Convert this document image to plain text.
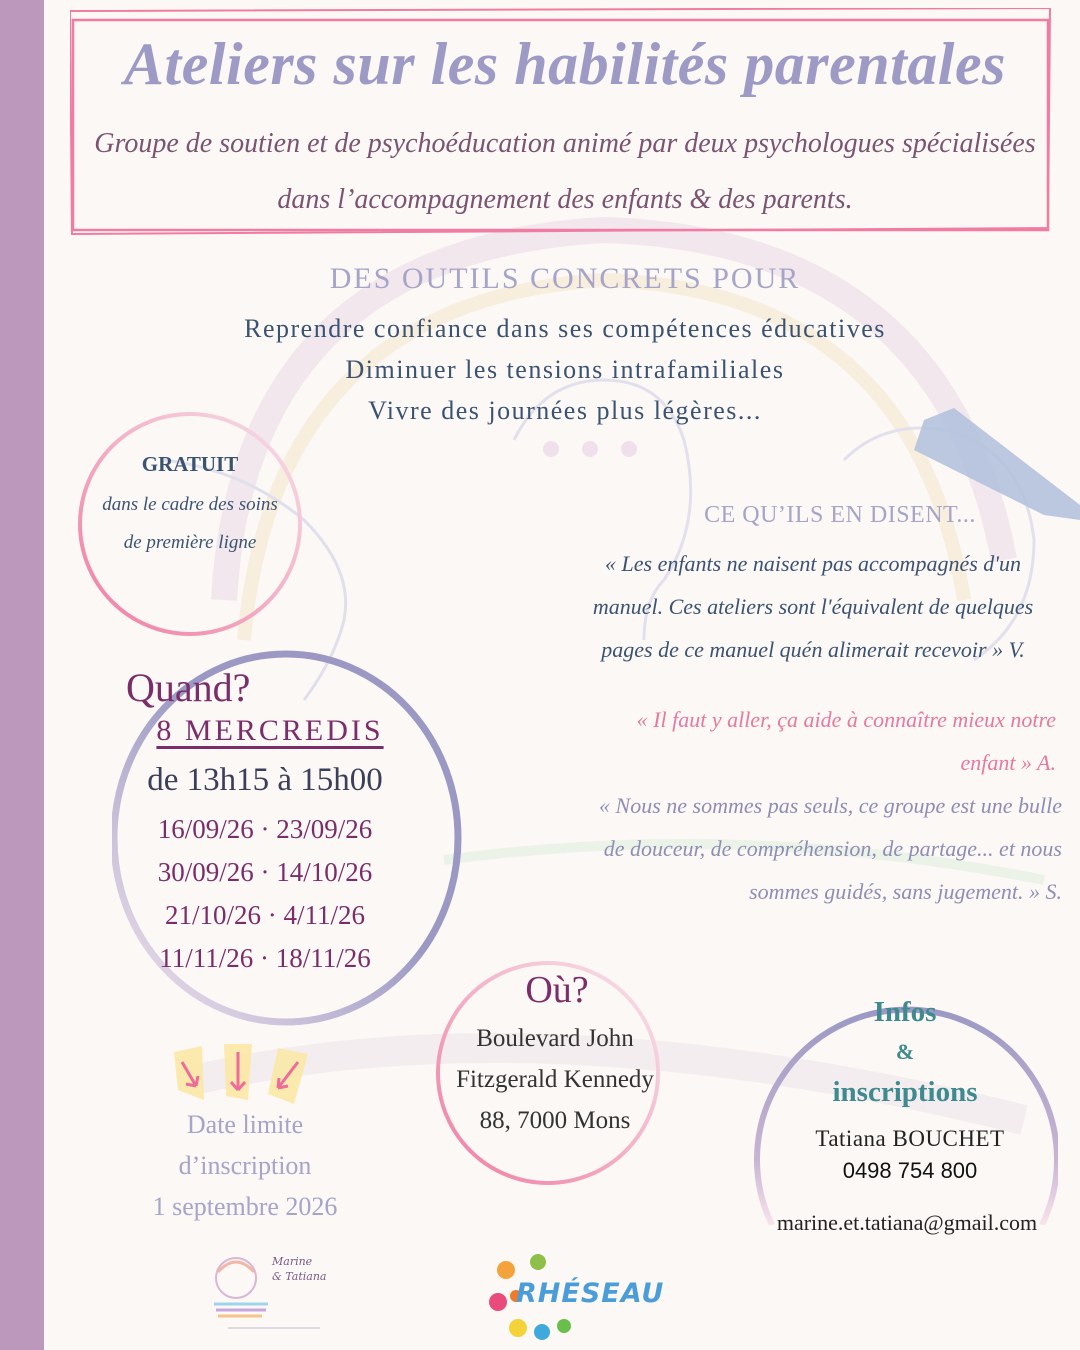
Ateliers sur les habilités parentales
Groupe de soutien et de psychoéducation animé par deux psychologues spécialisées
dans l’accompagnement des enfants & des parents.
DES OUTILS CONCRETS POUR
Reprendre confiance dans ses compétences éducatives
Diminuer les tensions intrafamiliales
Vivre des journées plus légères...
GRATUIT
dans le cadre des soins
de première ligne
Quand?
8 MERCREDIS
de 13h15 à 15h00
16/09/26 · 23/09/26
30/09/26 · 14/10/26
21/10/26 · 4/11/26
11/11/26 · 18/11/26
Date limite
d’inscription
1 septembre 2026
Où?
Boulevard John
Fitzgerald Kennedy
88, 7000 Mons
Infos
&
inscriptions
Tatiana BOUCHET
0498 754 800
marine.et.tatiana@gmail.com
CE QU’ILS EN DISENT...
« Les enfants ne naisent pas accompagnés d'un
manuel. Ces ateliers sont l'équivalent de quelques
pages de ce manuel quén alimerait recevoir » V.
« Il faut y aller, ça aide à connaître mieux notre
enfant » A.
« Nous ne sommes pas seuls, ce groupe est une bulle
de douceur, de compréhension, de partage... et nous
sommes guidés, sans jugement. » S.
Marine
& Tatiana
RHÉSEAU
